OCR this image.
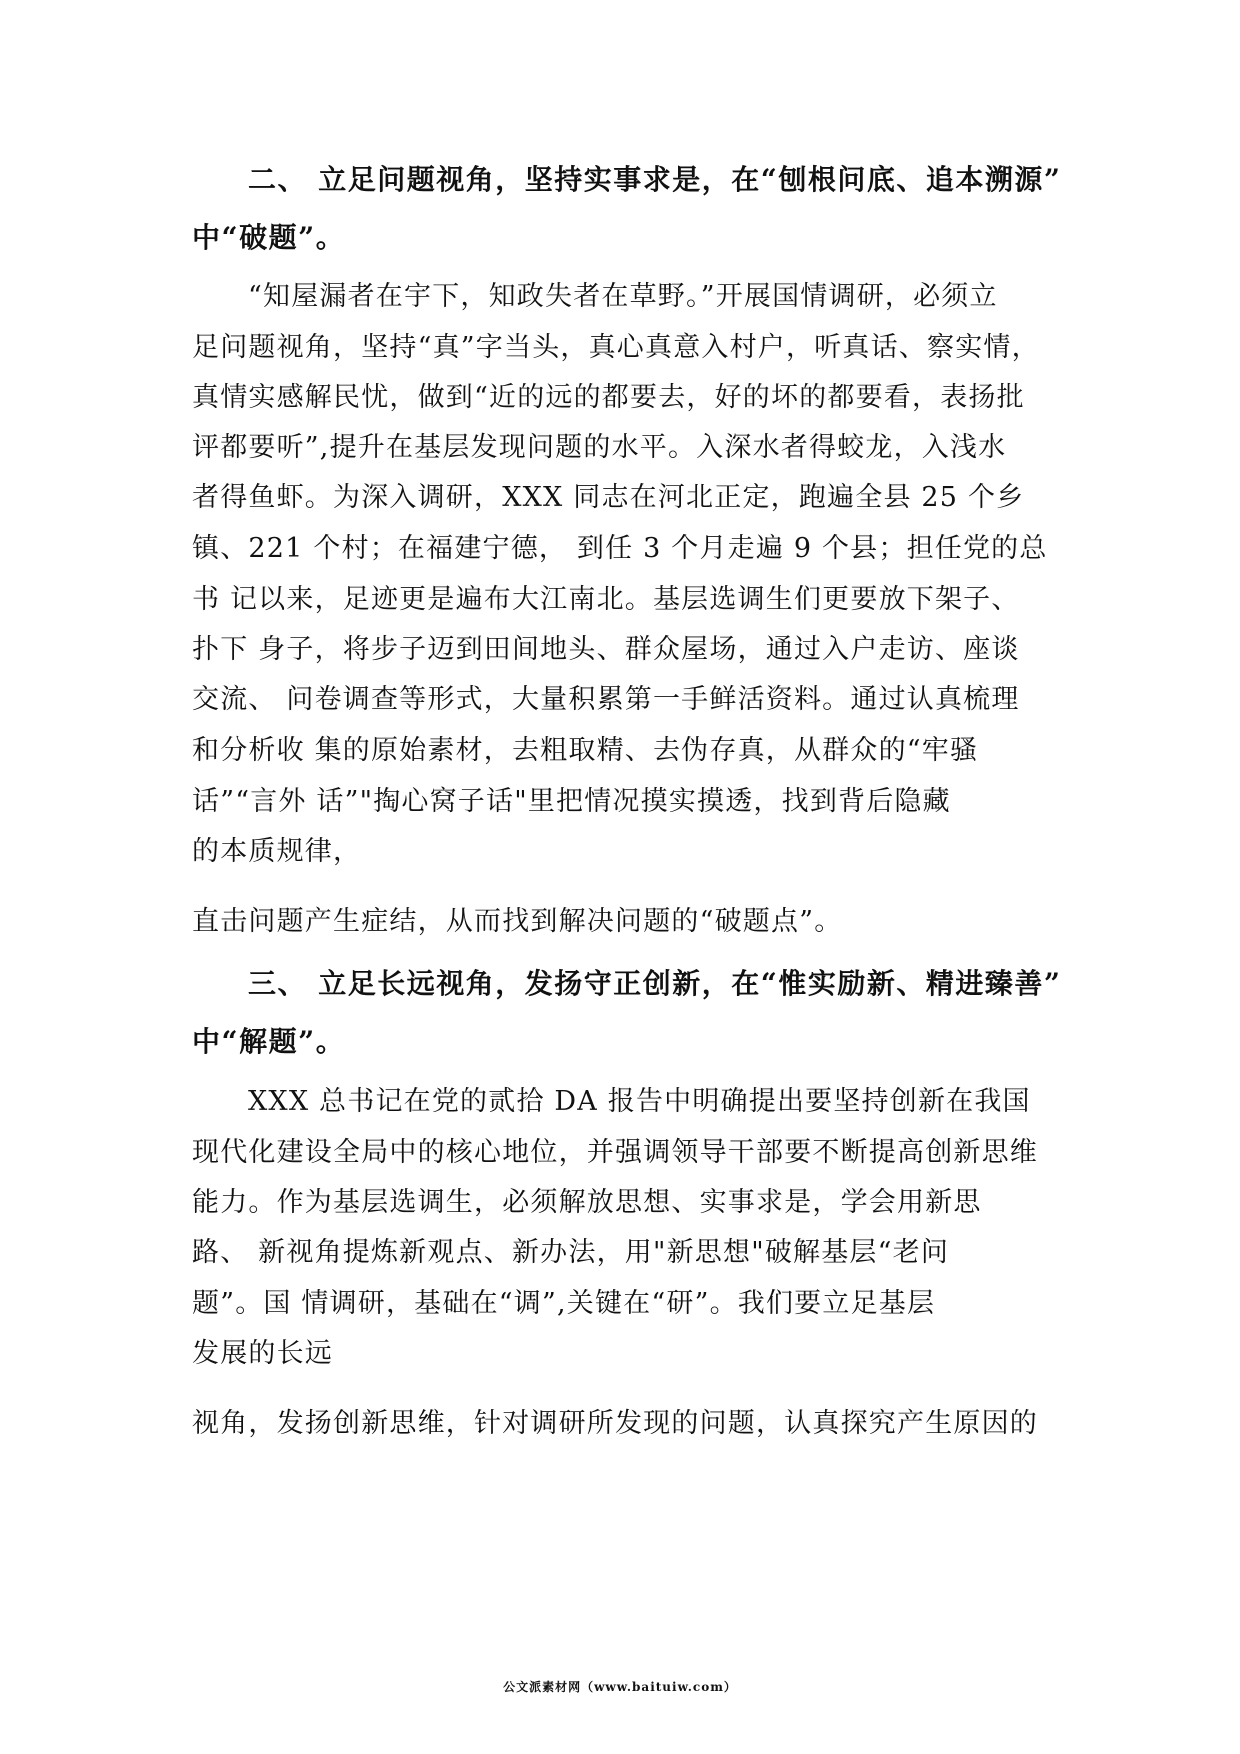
二、 立足问题视角，坚持实事求是，在“刨根问底、追本溯源”
中“破题”。
“知屋漏者在宇下，知政失者在草野。”开展国情调研，必须立
足问题视角，坚持“真”字当头，真心真意入村户，听真话、察实情，
真情实感解民忧，做到“近的远的都要去，好的坏的都要看，表扬批
评都要听”,提升在基层发现问题的水平。入深水者得蛟龙，入浅水
者得鱼虾。为深入调研，XXX 同志在河北正定，跑遍全县 25 个乡
镇、221 个村；在福建宁德， 到任 3 个月走遍 9 个县；担任党的总
书 记以来，足迹更是遍布大江南北。基层选调生们更要放下架子、
扑下 身子，将步子迈到田间地头、群众屋场，通过入户走访、座谈
交流、 问卷调查等形式，大量积累第一手鲜活资料。通过认真梳理
和分析收 集的原始素材，去粗取精、去伪存真，从群众的“牢骚
话”“言外 话”"掏心窝子话"里把情况摸实摸透，找到背后隐藏
的本质规律，
直击问题产生症结，从而找到解决问题的“破题点”。
三、 立足长远视角，发扬守正创新，在“惟实励新、精进臻善”
中“解题”。
XXX 总书记在党的贰拾 DA 报告中明确提出要坚持创新在我国
现代化建设全局中的核心地位，并强调领导干部要不断提高创新思维
能力。作为基层选调生，必须解放思想、实事求是，学会用新思
路、 新视角提炼新观点、新办法，用"新思想"破解基层“老问
题”。国 情调研，基础在“调”,关键在“研”。我们要立足基层
发展的长远
视角，发扬创新思维，针对调研所发现的问题，认真探究产生原因的
公文派素材网（www.baituiw.com）
